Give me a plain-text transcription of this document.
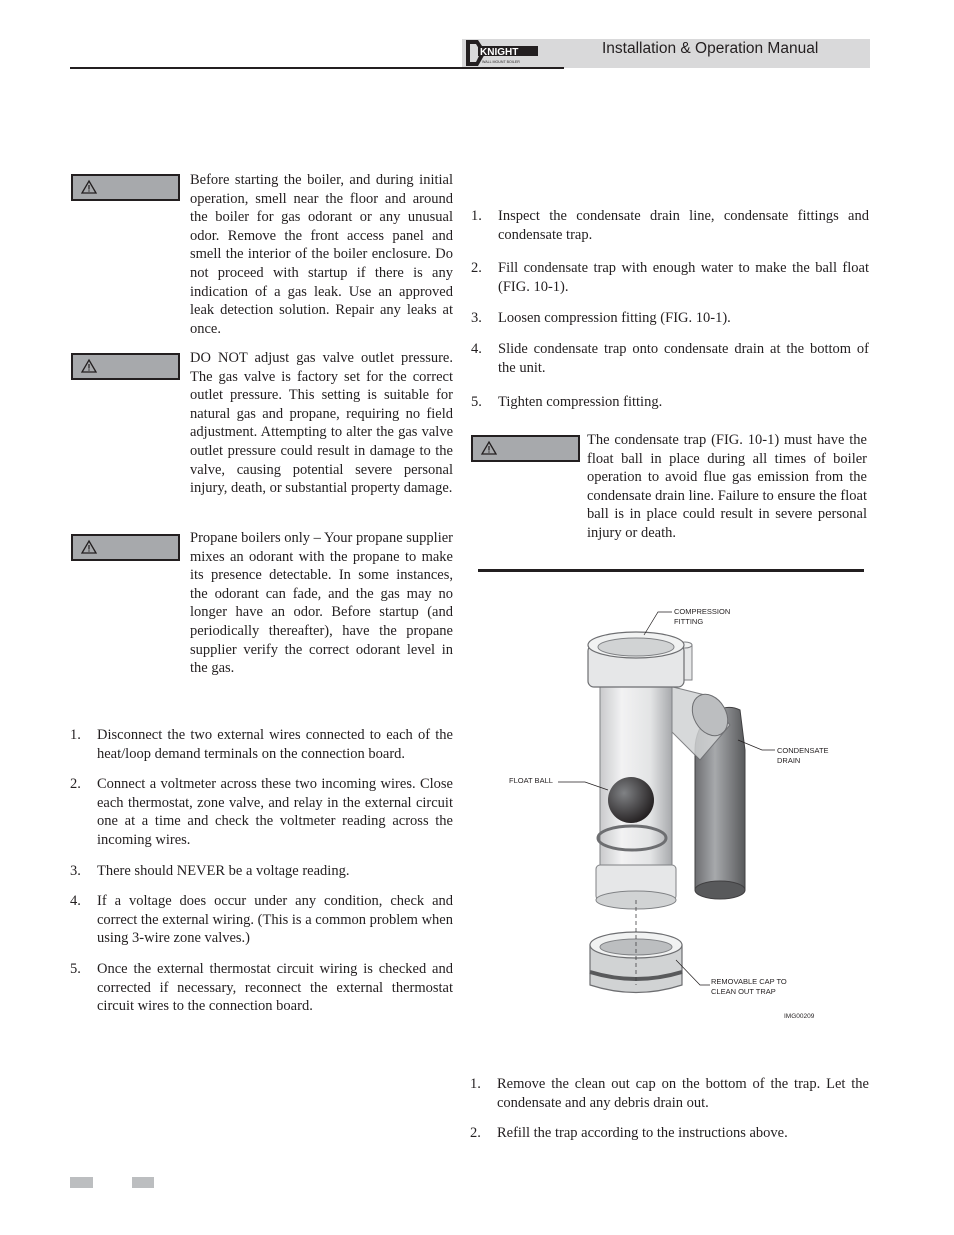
KNIGHT
WALL MOUNT BOILER
Installation & Operation Manual
Before starting the boiler, and during initial operation, smell near the floor and around the boiler for gas odorant or any unusual odor. Remove the front access panel and smell the interior of the boiler enclosure. Do not proceed with startup if there is any indication of a gas leak. Use an approved leak detection solution. Repair any leaks at once.
DO NOT adjust gas valve outlet pressure. The gas valve is factory set for the correct outlet pressure. This setting is suitable for natural gas and propane, requiring no field adjustment. Attempting to alter the gas valve outlet pressure could result in damage to the valve, causing potential severe personal injury, death, or substantial property damage.
Propane boilers only – Your propane supplier mixes an odorant with the propane to make its presence detectable. In some instances, the odorant can fade, and the gas may no longer have an odor. Before startup (and periodically thereafter), have the propane supplier verify the correct odorant level in the gas.
1. Disconnect the two external wires connected to each of the heat/loop demand terminals on the connection board.
2. Connect a voltmeter across these two incoming wires. Close each thermostat, zone valve, and relay in the external circuit one at a time and check the voltmeter reading across the incoming wires.
3. There should NEVER be a voltage reading.
4. If a voltage does occur under any condition, check and correct the external wiring. (This is a common problem when using 3-wire zone valves.)
5. Once the external thermostat circuit wiring is checked and corrected if necessary, reconnect the external thermostat circuit wires to the connection board.
1. Inspect the condensate drain line, condensate fittings and condensate trap.
2. Fill condensate trap with enough water to make the ball float (FIG. 10-1).
3. Loosen compression fitting (FIG. 10-1).
4. Slide condensate trap onto condensate drain at the bottom of the unit.
5. Tighten compression fitting.
The condensate trap (FIG. 10-1) must have the float ball in place during all times of boiler operation to avoid flue gas emission from the condensate drain line. Failure to ensure the float ball is in place could result in severe personal injury or death.
COMPRESSION
FITTING
CONDENSATE
DRAIN
FLOAT BALL
REMOVABLE CAP TO
CLEAN OUT TRAP
IMG00209
1. Remove the clean out cap on the bottom of the trap. Let the condensate and any debris drain out.
2. Refill the trap according to the instructions above.
